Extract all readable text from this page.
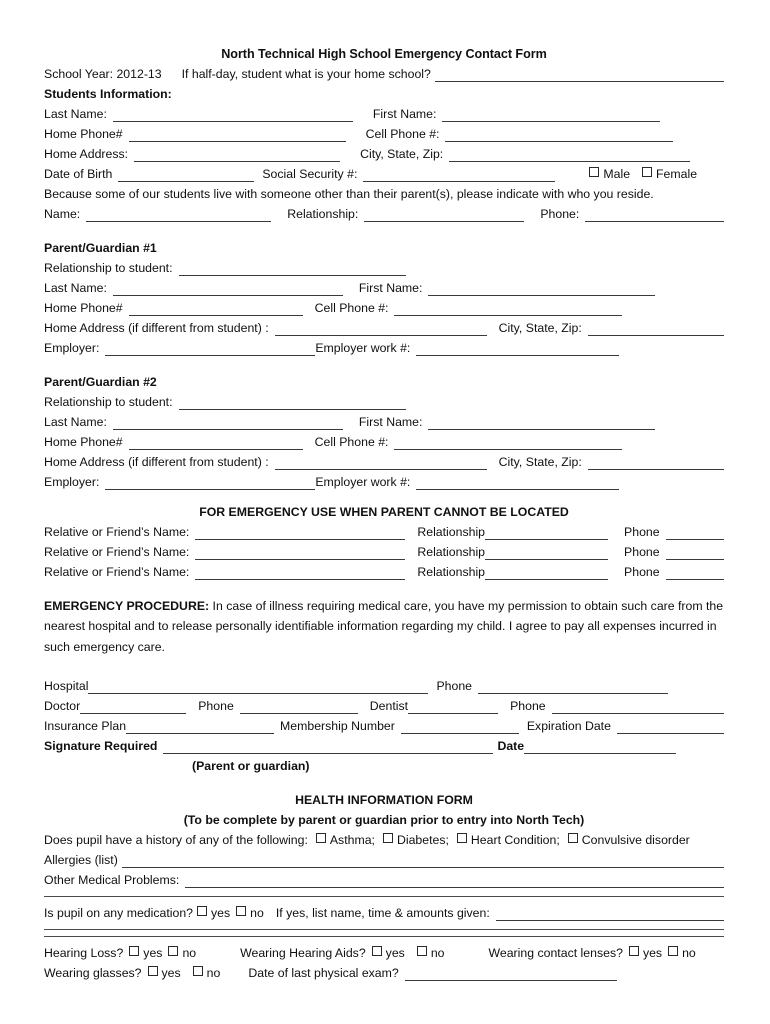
North Technical High School Emergency Contact Form
School Year: 2012-13 If half-day, student what is your home school?
Students Information:
Last Name:	First Name:
Home Phone#	Cell Phone #:
Home Address:	City, State, Zip:
Date of Birth	Social Security #:	Male Female
Because some of our students live with someone other than their parent(s), please indicate with who you reside.
Name:	Relationship:	Phone:
Parent/Guardian #1
Relationship to student:
Last Name:	First Name:
Home Phone#	Cell Phone #:
Home Address (if different from student) :	City, State, Zip:
Employer:	Employer work #:
Parent/Guardian #2
Relationship to student:
Last Name:	First Name:
Home Phone#	Cell Phone #:
Home Address (if different from student) :	City, State, Zip:
Employer:	Employer work #:
FOR EMERGENCY USE WHEN PARENT CANNOT BE LOCATED
Relative or Friend’s Name:	Relationship	Phone
Relative or Friend’s Name:	Relationship	Phone
Relative or Friend’s Name:	Relationship	Phone
EMERGENCY PROCEDURE: In case of illness requiring medical care, you have my permission to obtain such care from the nearest hospital and to release personally identifiable information regarding my child. I agree to pay all expenses incurred in such emergency care.
Hospital	Phone
Doctor	Phone	Dentist	Phone
Insurance Plan	Membership Number	Expiration Date
Signature Required	Date
(Parent or guardian)
HEALTH INFORMATION FORM
(To be complete by parent or guardian prior to entry into North Tech)
Does pupil have a history of any of the following: Asthma; Diabetes; Heart Condition; Convulsive disorder
Allergies (list)
Other Medical Problems:
Is pupil on any medication? yes no If yes, list name, time & amounts given:
Hearing Loss? yes no	Wearing Hearing Aids? yes no	Wearing contact lenses? yes no
Wearing glasses? yes no Date of last physical exam?
